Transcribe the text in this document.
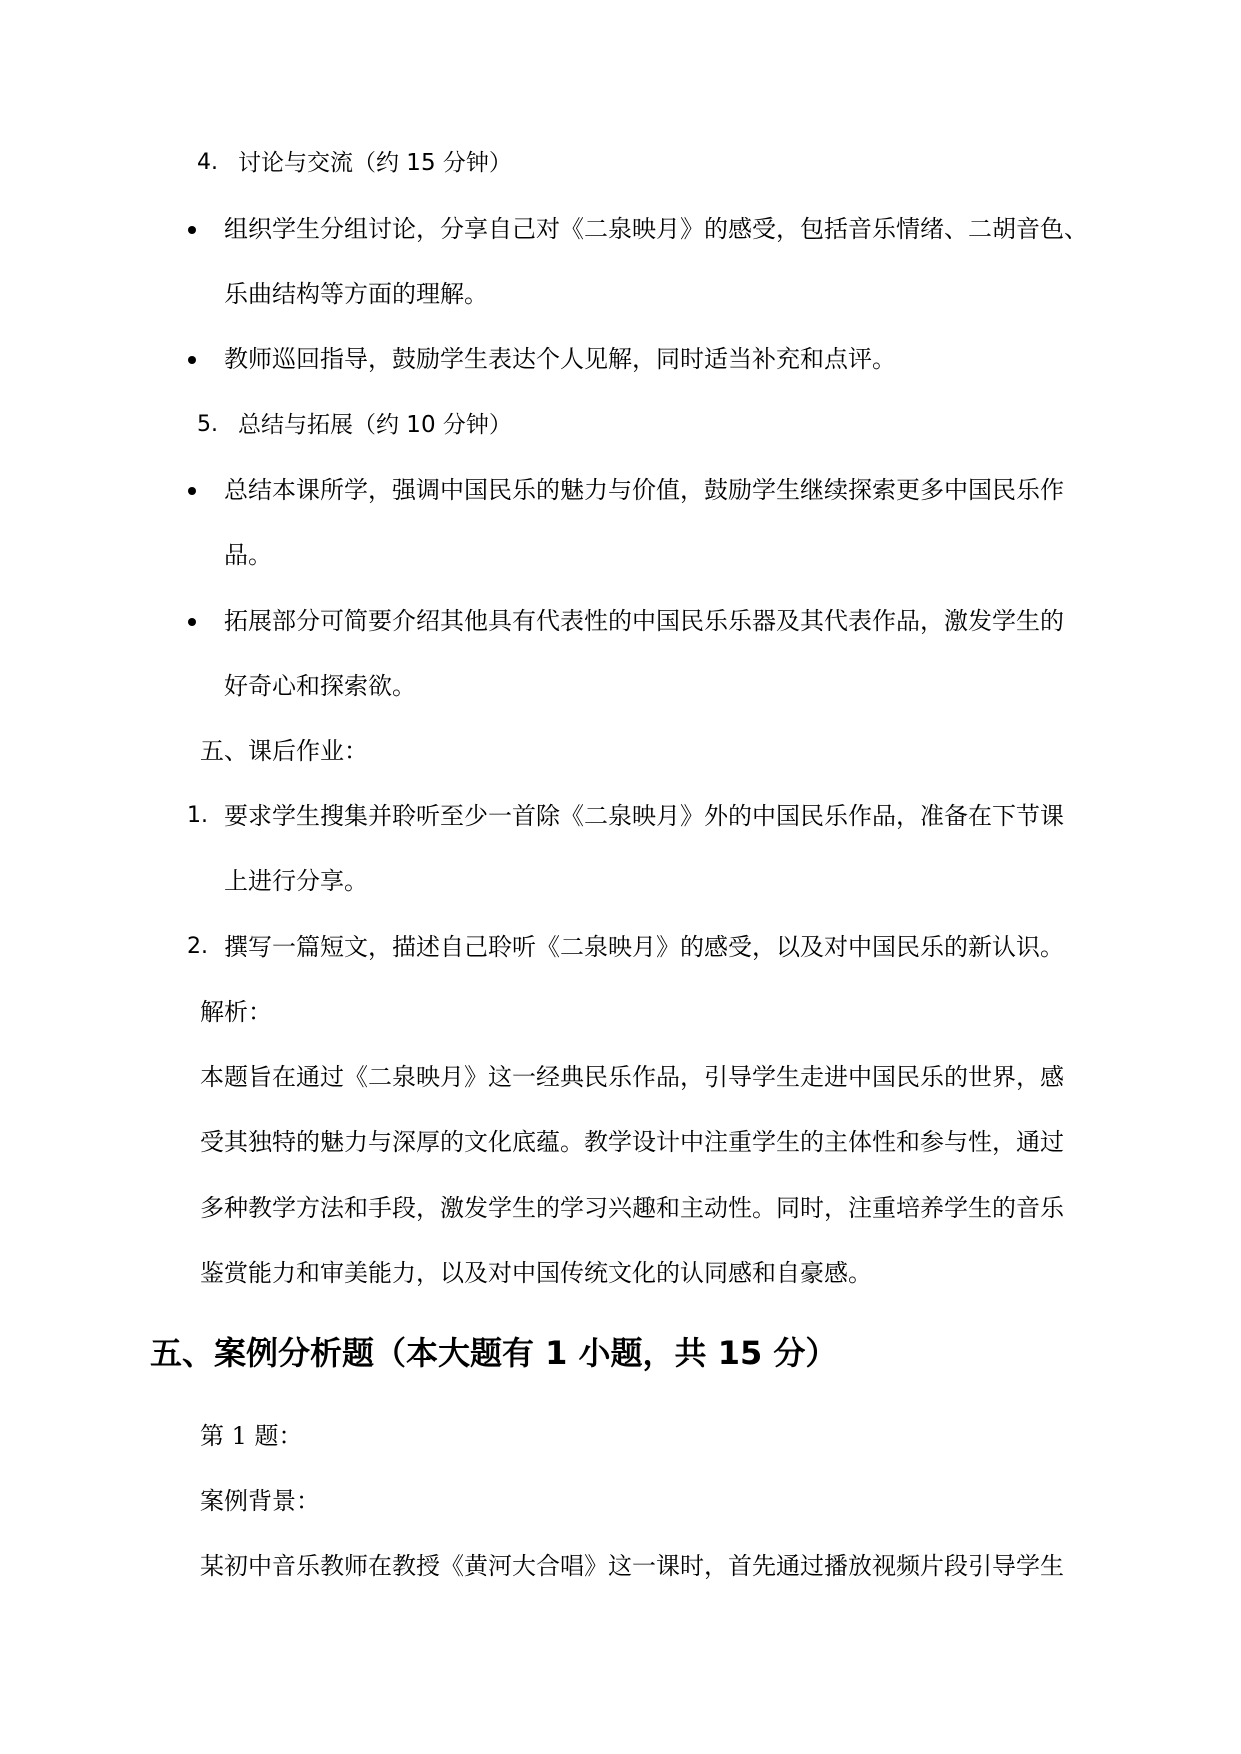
4. 讨论与交流（约 15 分钟）
组织学生分组讨论，分享自己对《二泉映月》的感受，包括音乐情绪、二胡音色、
乐曲结构等方面的理解。
教师巡回指导，鼓励学生表达个人见解，同时适当补充和点评。
5. 总结与拓展（约 10 分钟）
总结本课所学，强调中国民乐的魅力与价值，鼓励学生继续探索更多中国民乐作
品。
拓展部分可简要介绍其他具有代表性的中国民乐乐器及其代表作品，激发学生的
好奇心和探索欲。
五、课后作业：
1. 要求学生搜集并聆听至少一首除《二泉映月》外的中国民乐作品，准备在下节课
上进行分享。
2. 撰写一篇短文，描述自己聆听《二泉映月》的感受，以及对中国民乐的新认识。
解析：
本题旨在通过《二泉映月》这一经典民乐作品，引导学生走进中国民乐的世界，感
受其独特的魅力与深厚的文化底蕴。教学设计中注重学生的主体性和参与性，通过
多种教学方法和手段，激发学生的学习兴趣和主动性。同时，注重培养学生的音乐
鉴赏能力和审美能力，以及对中国传统文化的认同感和自豪感。
五、案例分析题（本大题有 1 小题，共 15 分）
第 1 题：
案例背景：
某初中音乐教师在教授《黄河大合唱》这一课时，首先通过播放视频片段引导学生
